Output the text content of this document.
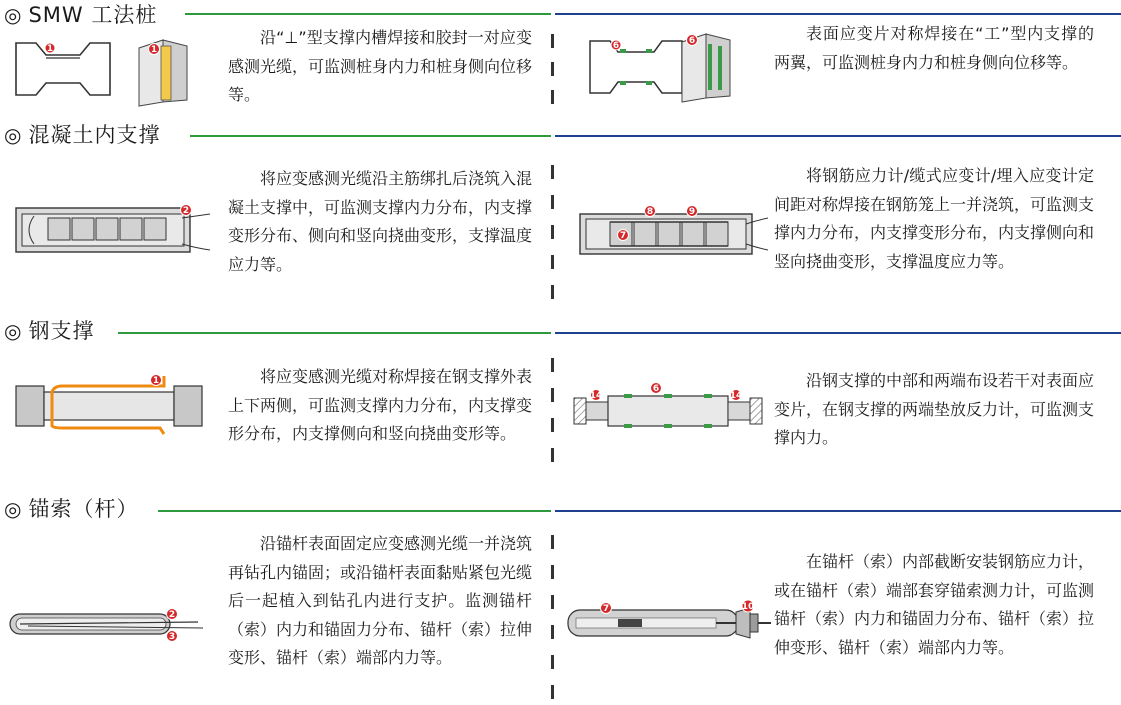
◎ SMW 工法桩
◎ 混凝土内支撑
◎ 钢支撑
◎ 锚索（杆）
沿“⊥”型支撑内槽焊接和胶封一对应变感测光缆，可监测桩身内力和桩身侧向位移等。
表面应变片对称焊接在“工”型内支撑的两翼，可监测桩身内力和桩身侧向位移等。
将应变感测光缆沿主筋绑扎后浇筑入混凝土支撑中，可监测支撑内力分布，内支撑变形分布、侧向和竖向挠曲变形，支撑温度应力等。
将钢筋应力计/缆式应变计/埋入应变计定间距对称焊接在钢筋笼上一并浇筑，可监测支撑内力分布，内支撑变形分布，内支撑侧向和竖向挠曲变形，支撑温度应力等。
将应变感测光缆对称焊接在钢支撑外表上下两侧，可监测支撑内力分布，内支撑变形分布，内支撑侧向和竖向挠曲变形等。
沿钢支撑的中部和两端布设若干对表面应变片，在钢支撑的两端垫放反力计，可监测支撑内力。
沿锚杆表面固定应变感测光缆一并浇筑再钻孔内锚固；或沿锚杆表面黏贴紧包光缆后一起植入到钻孔内进行支护。监测锚杆（索）内力和锚固力分布、锚杆（索）拉伸变形、锚杆（索）端部内力等。
在锚杆（索）内部截断安装钢筋应力计，或在锚杆（索）端部套穿锚索测力计，可监测锚杆（索）内力和锚固力分布、锚杆（索）拉伸变形、锚杆（索）端部内力等。
1	1	6	6
2	8	9
7
1
6
14	14
2
3
7	10
